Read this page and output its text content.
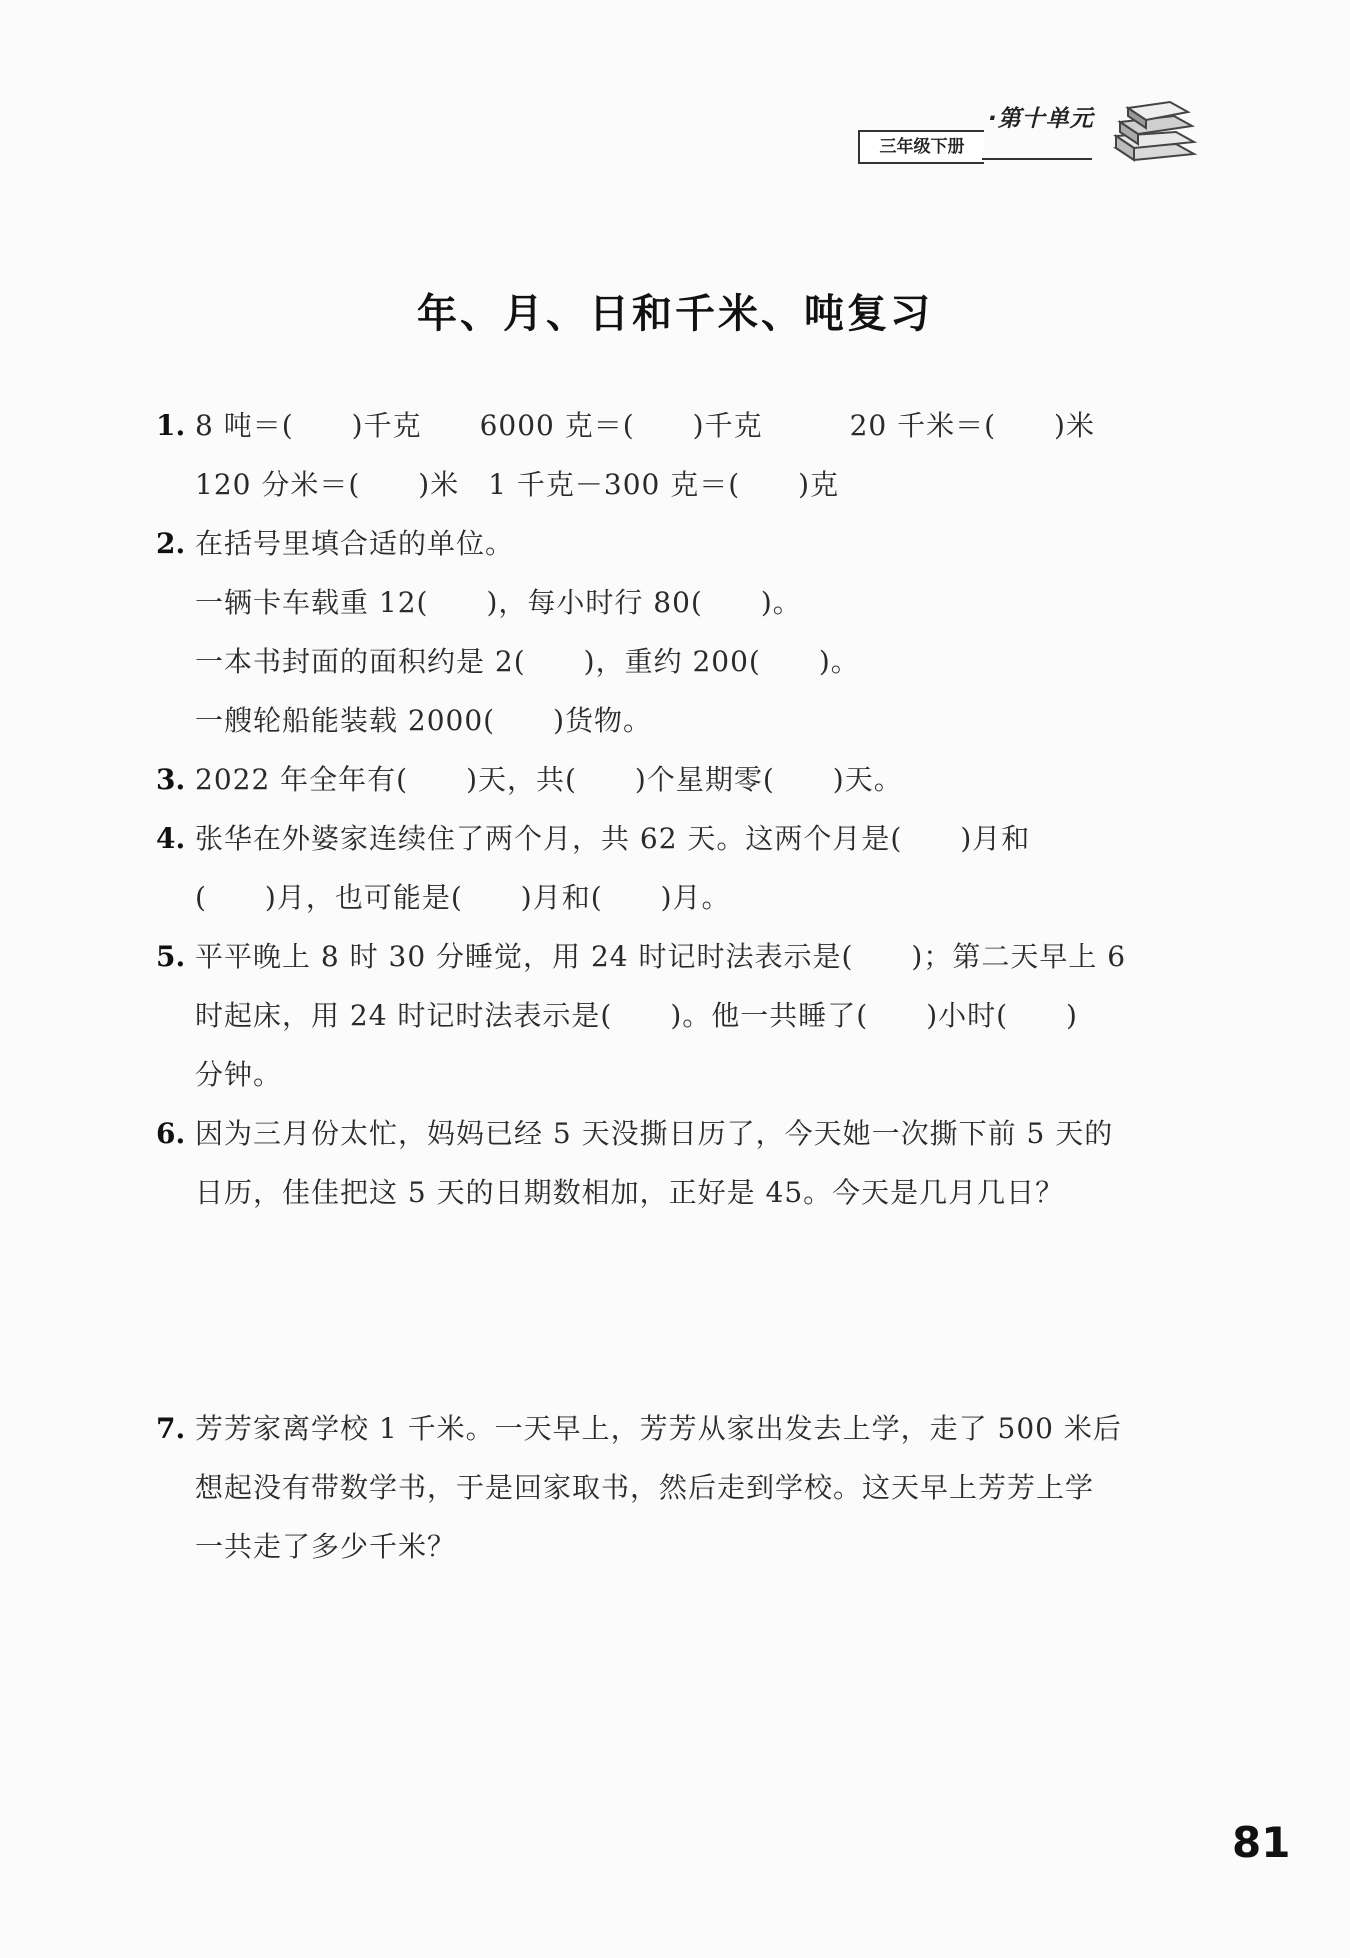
三年级下册
·第十单元
年、月、日和千米、吨复习
1. 8 吨＝(　　)千克　　6000 克＝(　　)千克　　　20 千米＝(　　)米
120 分米＝(　　)米　1 千克－300 克＝(　　)克
2. 在括号里填合适的单位。
一辆卡车载重 12(　　)，每小时行 80(　　)。
一本书封面的面积约是 2(　　)，重约 200(　　)。
一艘轮船能装载 2000(　　)货物。
3. 2022 年全年有(　　)天，共(　　)个星期零(　　)天。
4. 张华在外婆家连续住了两个月，共 62 天。这两个月是(　　)月和
(　　)月，也可能是(　　)月和(　　)月。
5. 平平晚上 8 时 30 分睡觉，用 24 时记时法表示是(　　)；第二天早上 6
时起床，用 24 时记时法表示是(　　)。他一共睡了(　　)小时(　　)
分钟。
6. 因为三月份太忙，妈妈已经 5 天没撕日历了，今天她一次撕下前 5 天的
日历，佳佳把这 5 天的日期数相加，正好是 45。今天是几月几日？
7. 芳芳家离学校 1 千米。一天早上，芳芳从家出发去上学，走了 500 米后
想起没有带数学书，于是回家取书，然后走到学校。这天早上芳芳上学
一共走了多少千米？
81
